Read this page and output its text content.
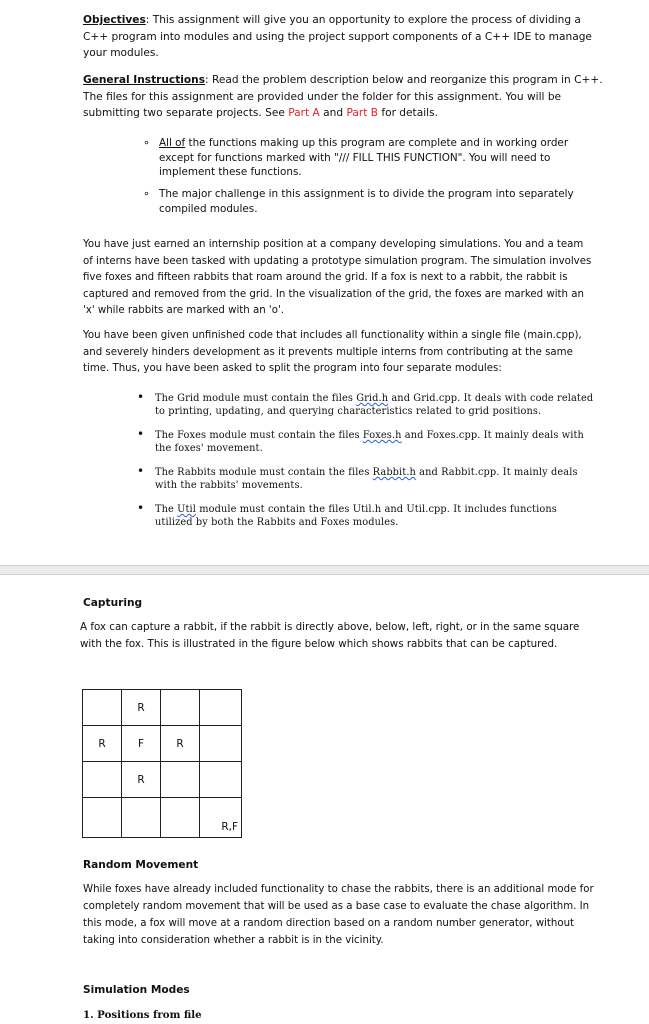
Objectives: This assignment will give you an opportunity to explore the process of dividing a
C++ program into modules and using the project support components of a C++ IDE to manage
your modules.
General Instructions: Read the problem description below and reorganize this program in C++.
The files for this assignment are provided under the folder for this assignment. You will be
submitting two separate projects. See Part A and Part B for details.
∘ All of the functions making up this program are complete and in working order
except for functions marked with "/// FILL THIS FUNCTION". You will need to
implement these functions.
∘ The major challenge in this assignment is to divide the program into separately
compiled modules.
You have just earned an internship position at a company developing simulations. You and a team
of interns have been tasked with updating a prototype simulation program. The simulation involves
five foxes and fifteen rabbits that roam around the grid. If a fox is next to a rabbit, the rabbit is
captured and removed from the grid. In the visualization of the grid, the foxes are marked with an
'x' while rabbits are marked with an 'o'.
You have been given unfinished code that includes all functionality within a single file (main.cpp),
and severely hinders development as it prevents multiple interns from contributing at the same
time. Thus, you have been asked to split the program into four separate modules:
• The Grid module must contain the files Grid.h and Grid.cpp. It deals with code related
to printing, updating, and querying characteristics related to grid positions.
• The Foxes module must contain the files Foxes.h and Foxes.cpp. It mainly deals with
the foxes' movement.
• The Rabbits module must contain the files Rabbit.h and Rabbit.cpp. It mainly deals
with the rabbits' movements.
• The Util module must contain the files Util.h and Util.cpp. It includes functions
utilized by both the Rabbits and Foxes modules.
Capturing
A fox can capture a rabbit, if the rabbit is directly above, below, left, right, or in the same square
with the fox. This is illustrated in the figure below which shows rabbits that can be captured.
	R		
R	F	R	
	R		
			R,F
Random Movement
While foxes have already included functionality to chase the rabbits, there is an additional mode for
completely random movement that will be used as a base case to evaluate the chase algorithm. In
this mode, a fox will move at a random direction based on a random number generator, without
taking into consideration whether a rabbit is in the vicinity.
Simulation Modes
1. Positions from file
